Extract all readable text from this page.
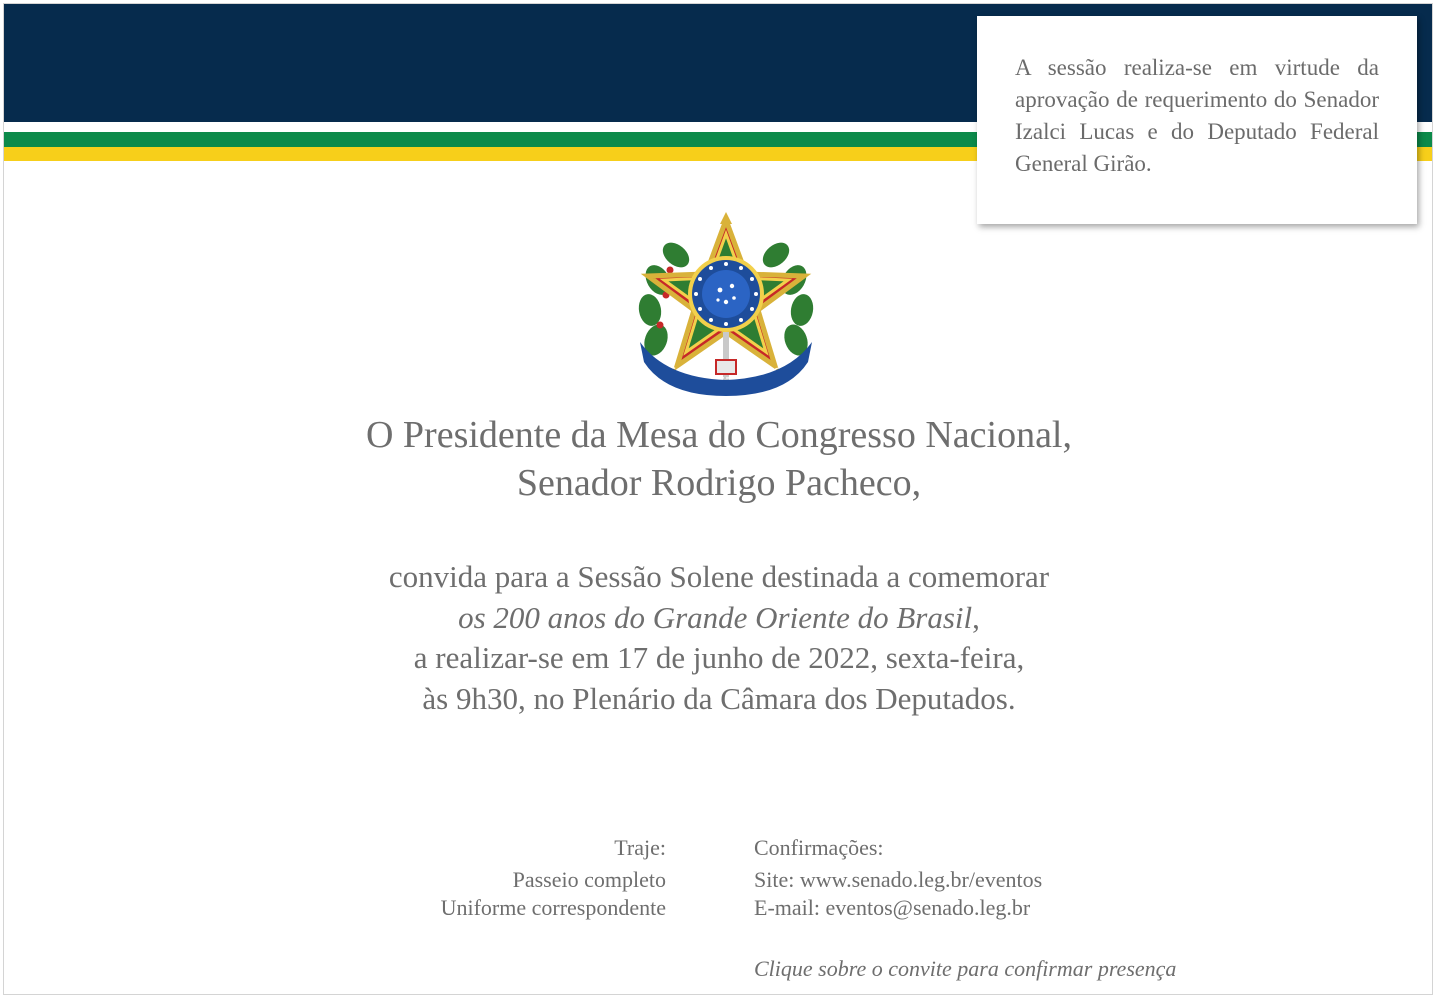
A sessão realiza-se em virtude da aprovação de requerimento do Senador Izalci Lucas e do Deputado Federal General Girão.

O Presidente da Mesa do Congresso Nacional,
Senador Rodrigo Pacheco,
convida para a Sessão Solene destinada a comemorar
os 200 anos do Grande Oriente do Brasil,
a realizar-se em 17 de junho de 2022, sexta-feira,
às 9h30, no Plenário da Câmara dos Deputados.
Traje:
Passeio completo
Uniforme correspondente
Confirmações:
Site: www.senado.leg.br/eventos
E-mail: eventos@senado.leg.br
Clique sobre o convite para confirmar presença
